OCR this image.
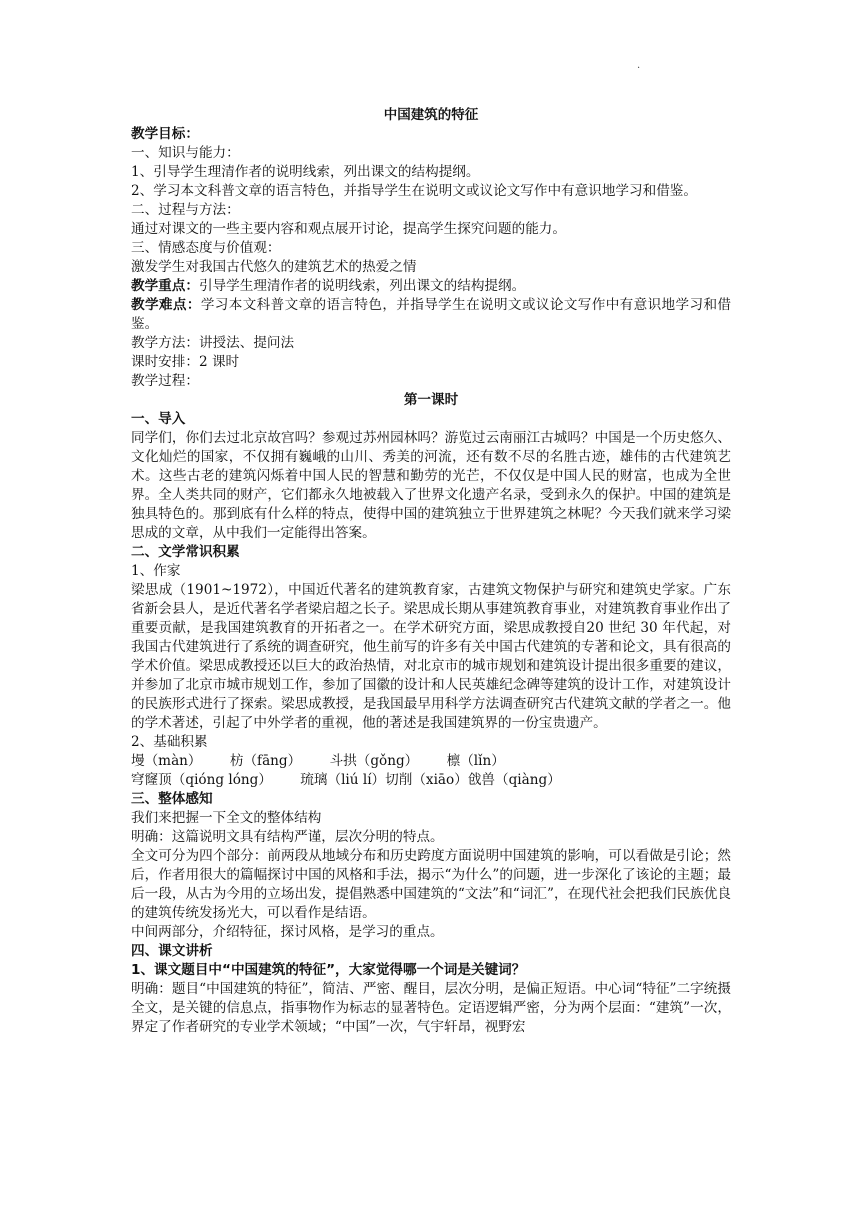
.

中国建筑的特征

教学目标：

一、知识与能力：

1、引导学生理清作者的说明线索，列出课文的结构提纲。

2、学习本文科普文章的语言特色，并指导学生在说明文或议论文写作中有意识地学习和借鉴。

二、过程与方法：

通过对课文的一些主要内容和观点展开讨论，提高学生探究问题的能力。

三、情感态度与价值观：

激发学生对我国古代悠久的建筑艺术的热爱之情

教学重点：引导学生理清作者的说明线索，列出课文的结构提纲。

教学难点：学习本文科普文章的语言特色，并指导学生在说明文或议论文写作中有意识地学习和借鉴。

教学方法：讲授法、提问法

课时安排：2 课时

教学过程：

第一课时

一、导入

同学们，你们去过北京故宫吗？参观过苏州园林吗？游览过云南丽江古城吗？中国是一个历史悠久、文化灿烂的国家，不仅拥有巍峨的山川、秀美的河流，还有数不尽的名胜古迹，雄伟的古代建筑艺术。这些古老的建筑闪烁着中国人民的智慧和勤劳的光芒，不仅仅是中国人民的财富，也成为全世界。全人类共同的财产，它们都永久地被载入了世界文化遗产名录，受到永久的保护。中国的建筑是独具特色的。那到底有什么样的特点，使得中国的建筑独立于世界建筑之林呢？今天我们就来学习梁思成的文章，从中我们一定能得出答案。

二、文学常识积累

1、作家

梁思成（1901~1972），中国近代著名的建筑教育家，古建筑文物保护与研究和建筑史学家。广东省新会县人，是近代著名学者梁启超之长子。梁思成长期从事建筑教育事业，对建筑教育事业作出了重要贡献，是我国建筑教育的开拓者之一。在学术研究方面，梁思成教授自20 世纪 30 年代起，对我国古代建筑进行了系统的调查研究，他生前写的许多有关中国古代建筑的专著和论文，具有很高的学术价值。梁思成教授还以巨大的政治热情，对北京市的城市规划和建筑设计提出很多重要的建议，并参加了北京市城市规划工作，参加了国徽的设计和人民英雄纪念碑等建筑的设计工作，对建筑设计的民族形式进行了探索。梁思成教授，是我国最早用科学方法调查研究古代建筑文献的学者之一。他的学术著述，引起了中外学者的重视，他的著述是我国建筑界的一份宝贵遗产。

2、基础积累

墁（màn） 枋（fāng） 斗拱（gǒng） 檩（lǐn）

穹窿顶（qióng lóng） 琉璃（liú lí）切削（xiāo）戗兽（qiàng）

三、整体感知

我们来把握一下全文的整体结构

明确：这篇说明文具有结构严谨，层次分明的特点。

全文可分为四个部分：前两段从地域分布和历史跨度方面说明中国建筑的影响，可以看做是引论；然后，作者用很大的篇幅探讨中国的风格和手法，揭示“为什么”的问题，进一步深化了该论的主题；最后一段，从古为今用的立场出发，提倡熟悉中国建筑的“文法”和“词汇”，在现代社会把我们民族优良的建筑传统发扬光大，可以看作是结语。

中间两部分，介绍特征，探讨风格，是学习的重点。

四、课文讲析

1、课文题目中“中国建筑的特征”，大家觉得哪一个词是关键词？

明确：题目“中国建筑的特征”，简洁、严密、醒目，层次分明，是偏正短语。中心词“特征”二字统摄全文，是关键的信息点，指事物作为标志的显著特色。定语逻辑严密，分为两个层面：“建筑”一次，界定了作者研究的专业学术领域；“中国”一次，气宇轩昂，视野宏
